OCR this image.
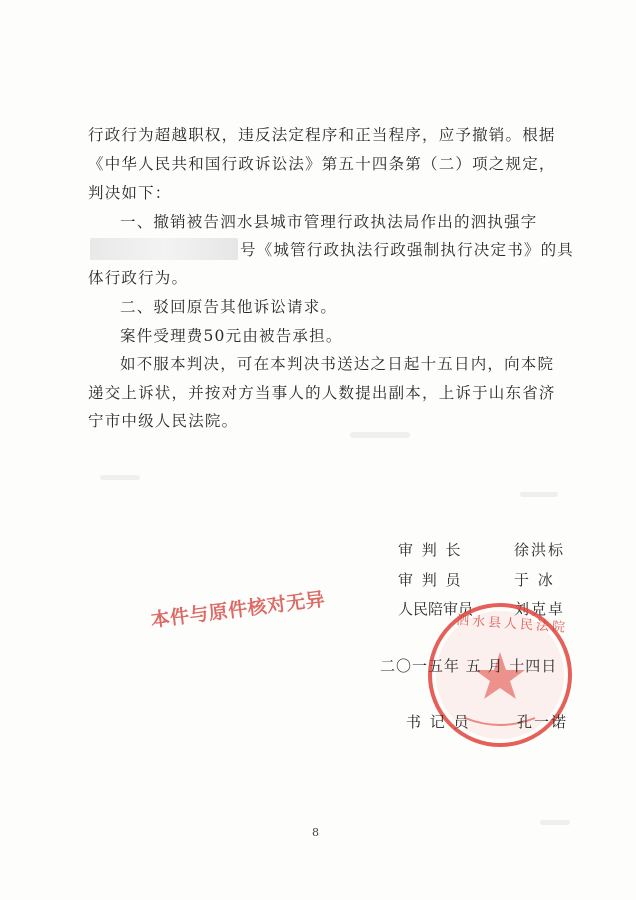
行政行为超越职权，违反法定程序和正当程序，应予撤销。根据
《中华人民共和国行政诉讼法》第五十四条第（二）项之规定，
判决如下：
一、撤销被告泗水县城市管理行政执法局作出的泗执强字
号《城管行政执法行政强制执行决定书》的具
体行政行为。
二、驳回原告其他诉讼请求。
案件受理费50元由被告承担。
如不服本判决，可在本判决书送达之日起十五日内，向本院
递交上诉状，并按对方当事人的人数提出副本，上诉于山东省济
宁市中级人民法院。
审 判 长	徐洪标
审 判 员	于 冰
人民陪审员	刘克卓
本件与原件核对无异	泗水县人民法院
二〇一五年 五 月 十四日
书 记 员	孔一诺
8
